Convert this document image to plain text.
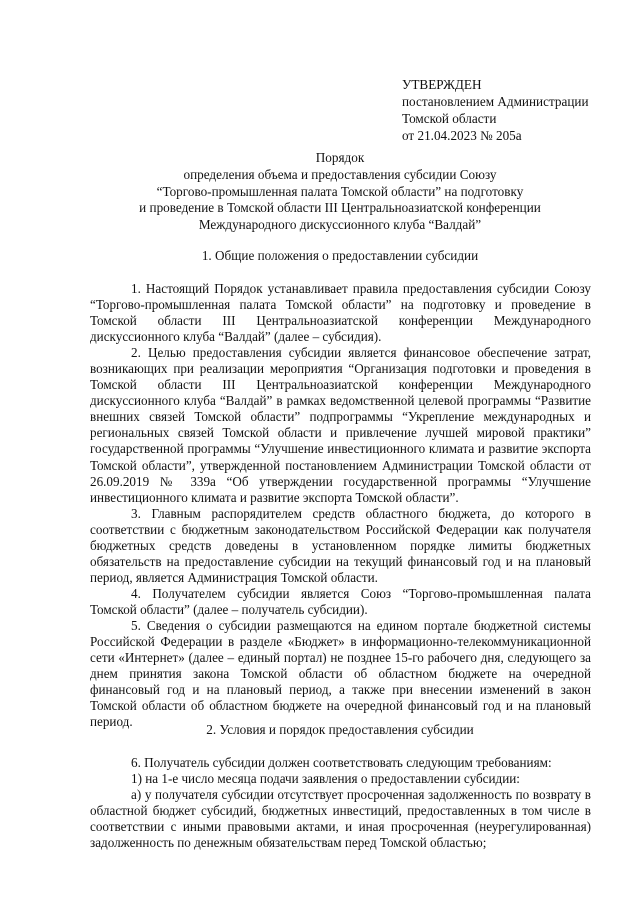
УТВЕРЖДЕН
постановлением Администрации
Томской области
от 21.04.2023 № 205а
Порядок
определения объема и предоставления субсидии Союзу
“Торгово-промышленная палата Томской области” на подготовку
и проведение в Томской области III Центральноазиатской конференции
Международного дискуссионного клуба “Валдай”
1. Общие положения о предоставлении субсидии

1. Настоящий Порядок устанавливает правила предоставления субсидии Союзу “Торгово-промышленная палата Томской области” на подготовку и проведение в Томской области III Центральноазиатской конференции Международного дискуссионного клуба “Валдай” (далее – субсидия).

2. Целью предоставления субсидии является финансовое обеспечение затрат, возникающих при реализации мероприятия “Организация подготовки и проведения в Томской области III Центральноазиатской конференции Международного дискуссионного клуба “Валдай” в рамках ведомственной целевой программы “Развитие внешних связей Томской области” подпрограммы “Укрепление международных и региональных связей Томской области и привлечение лучшей мировой практики” государственной программы “Улучшение инвестиционного климата и развитие экспорта Томской области”, утвержденной постановлением Администрации Томской области от 26.09.2019 № 339а “Об утверждении государственной программы “Улучшение инвестиционного климата и развитие экспорта Томской области”.

3. Главным распорядителем средств областного бюджета, до которого в соответствии с бюджетным законодательством Российской Федерации как получателя бюджетных средств доведены в установленном порядке лимиты бюджетных обязательств на предоставление субсидии на текущий финансовый год и на плановый период, является Администрация Томской области.

4. Получателем субсидии является Союз “Торгово-промышленная палата Томской области” (далее – получатель субсидии).

5. Сведения о субсидии размещаются на едином портале бюджетной системы Российской Федерации в разделе «Бюджет» в информационно-телекоммуникационной сети «Интернет» (далее – единый портал) не позднее 15-го рабочего дня, следующего за днем принятия закона Томской области об областном бюджете на очередной финансовый год и на плановый период, а также при внесении изменений в закон Томской области об областном бюджете на очередной финансовый год и на плановый период.

2. Условия и порядок предоставления субсидии

6. Получатель субсидии должен соответствовать следующим требованиям:

1) на 1-е число месяца подачи заявления о предоставлении субсидии:

а) у получателя субсидии отсутствует просроченная задолженность по возврату в областной бюджет субсидий, бюджетных инвестиций, предоставленных в том числе в соответствии с иными правовыми актами, и иная просроченная (неурегулированная) задолженность по денежным обязательствам перед Томской областью;
